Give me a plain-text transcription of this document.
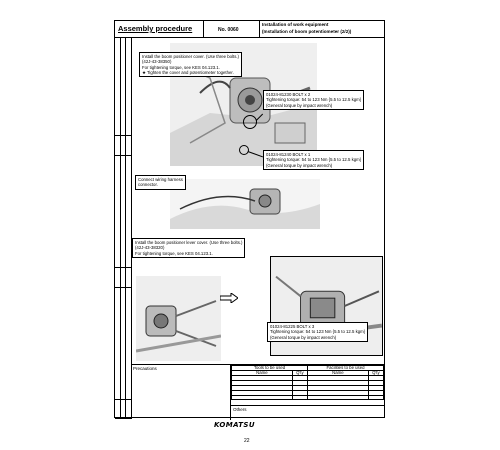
Assembly procedure	No. 0060
Installation of work equipment
(Installation of boom potentiometer (2/2))
Install the boom positioner cover. (Use three bolts.)
(42J-43-38350)
For tightening torque, see KES 04.123.1.
★ Tighten the cover and potentiometer together.
01024-81230 BOLT x 2
Tightening torque: 54 to 123 Nm {5.5 to 12.5 kgm}
(General torque by impact wrench)
01024-81240 BOLT x 1
Tightening torque: 54 to 123 Nm {5.5 to 12.5 kgm}
(General torque by impact wrench)
Connect wiring harness
connector.
Install the boom positioner lever cover. (Use three bolts.)
(42J-43-38320)
For tightening torque, see KES 04.123.1.
01024-81225 BOLT x 3
Tightening torque: 54 to 123 Nm {5.5 to 12.5 kgm}
(General torque by impact wrench)
Precautions	Tools to be used		Facilities to be used	
Name	Q'ty	Name	Q'ty

Others
KOMATSU
22
